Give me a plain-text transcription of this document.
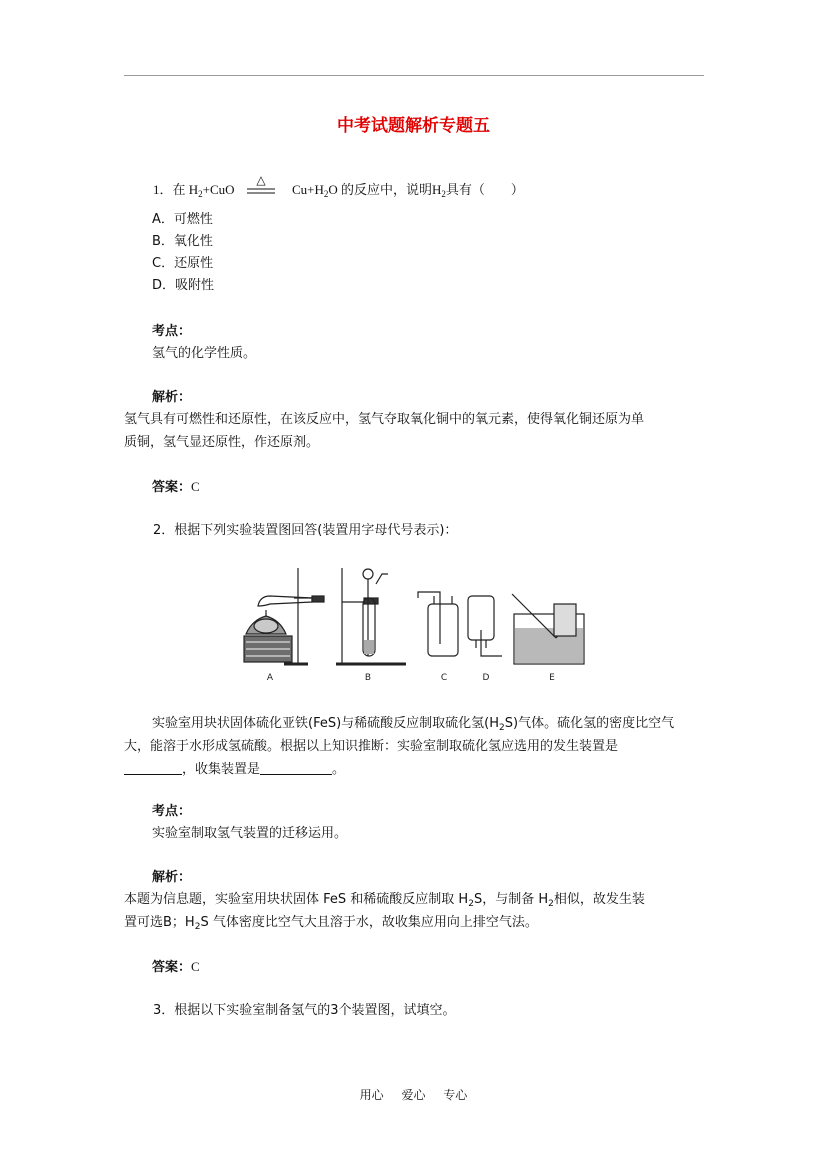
中考试题解析专题五
1．在 $H_2+CuO$
△
$Cu+H_2O$ 的反应中，说明$H_2$具有（　　）
A．可燃性
B．氧化性
C．还原性
D．吸附性
考点：
氢气的化学性质。
解析：
氢气具有可燃性和还原性，在该反应中，氢气夺取氧化铜中的氧元素，使得氧化铜还原为单
质铜，氢气显还原性，作还原剂。
答案：C
2．根据下列实验装置图回答(装置用字母代号表示)：
A	B	C	D	E
实验室用块状固体硫化亚铁(FeS)与稀硫酸反应制取硫化氢$(H_2S)$气体。硫化氢的密度比空气
大，能溶于水形成氢硫酸。根据以上知识推断：实验室制取硫化氢应选用的发生装置是
，收集装置是	。
考点：
实验室制取氢气装置的迁移运用。
解析：
本题为信息题，实验室用块状固体 FeS 和稀硫酸反应制取 $H_2S$，与制备 $H_2$相似，故发生装
置可选B；$H_2S$ 气体密度比空气大且溶于水，故收集应用向上排空气法。
答案：C
3．根据以下实验室制备氢气的3个装置图，试填空。
用心 爱心 专心
